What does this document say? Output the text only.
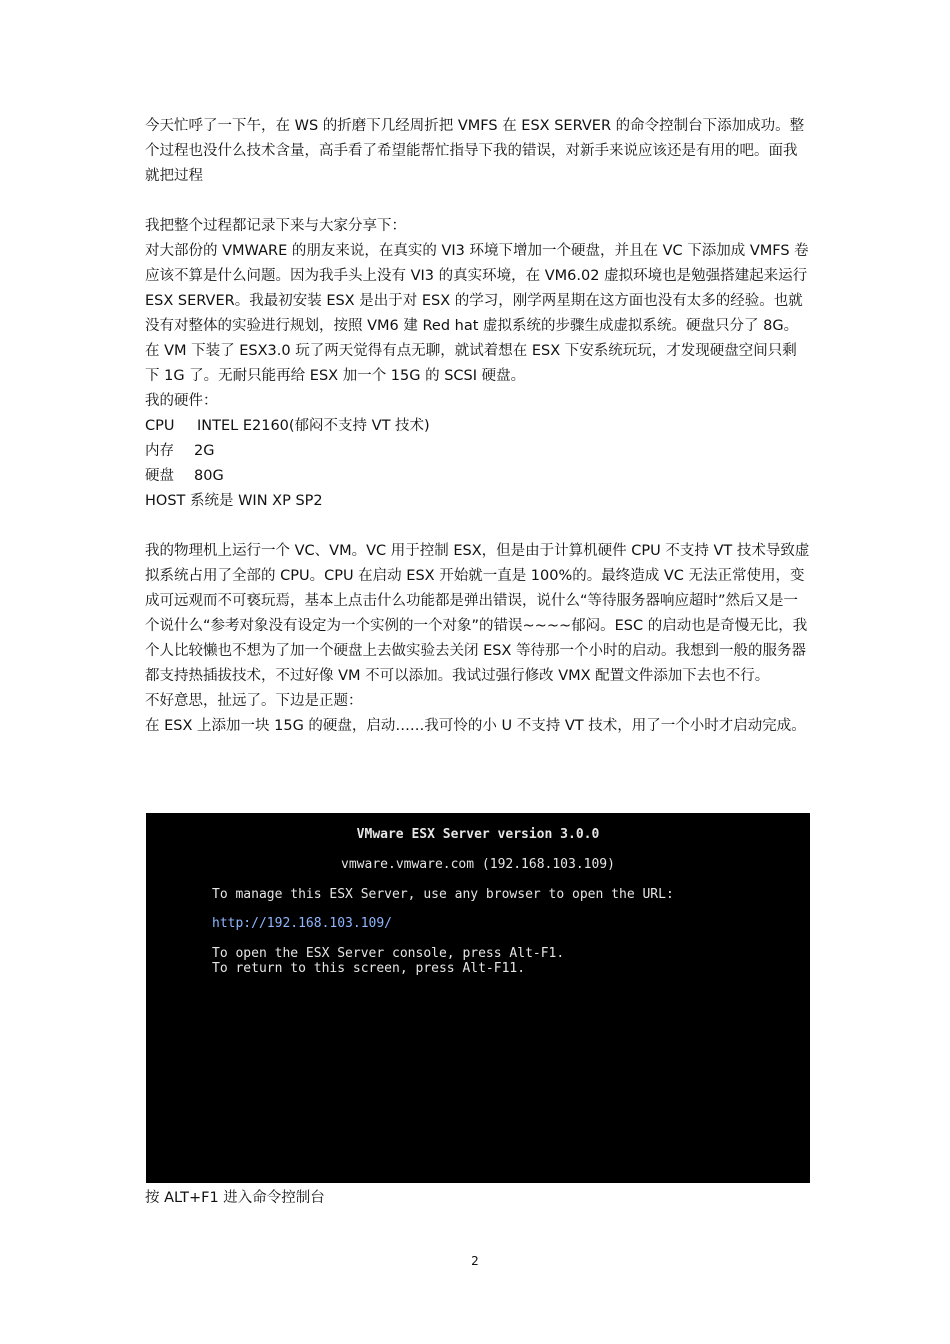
今天忙呼了一下午，在 WS 的折磨下几经周折把 VMFS 在 ESX SERVER 的命令控制台下添加成功。整个过程也没什么技术含量，高手看了希望能帮忙指导下我的错误，对新手来说应该还是有用的吧。面我就把过程

我把整个过程都记录下来与大家分享下：

对大部份的 VMWARE 的朋友来说，在真实的 VI3 环境下增加一个硬盘，并且在 VC 下添加成 VMFS 卷应该不算是什么问题。因为我手头上没有 VI3 的真实环境，在 VM6.02 虚拟环境也是勉强搭建起来运行 ESX SERVER。我最初安装 ESX 是出于对 ESX 的学习，刚学两星期在这方面也没有太多的经验。也就没有对整体的实验进行规划，按照 VM6 建 Red hat 虚拟系统的步骤生成虚拟系统。硬盘只分了 8G。在 VM 下装了 ESX3.0 玩了两天觉得有点无聊，就试着想在 ESX 下安系统玩玩，才发现硬盘空间只剩下 1G 了。无耐只能再给 ESX 加一个 15G 的 SCSI 硬盘。

我的硬件：

CPU	INTEL E2160(郁闷不支持 VT 技术)
内存	2G
硬盘	80G
HOST 系统是 WIN XP SP2

我的物理机上运行一个 VC、VM。VC 用于控制 ESX，但是由于计算机硬件 CPU 不支持 VT 技术导致虚拟系统占用了全部的 CPU。CPU 在启动 ESX 开始就一直是 100%的。最终造成 VC 无法正常使用，变成可远观而不可亵玩焉，基本上点击什么功能都是弹出错误，说什么“等待服务器响应超时”然后又是一个说什么“参考对象没有设定为一个实例的一个对象”的错误~~~~郁闷。ESC 的启动也是奇慢无比，我个人比较懒也不想为了加一个硬盘上去做实验去关闭 ESX 等待那一个小时的启动。我想到一般的服务器都支持热插拔技术，不过好像 VM 不可以添加。我试过强行修改 VMX 配置文件添加下去也不行。

不好意思，扯远了。下边是正题：

在 ESX 上添加一块 15G 的硬盘，启动……我可怜的小 U 不支持 VT 技术，用了一个小时才启动完成。

VMware ESX Server version 3.0.0
vmware.vmware.com (192.168.103.109)
To manage this ESX Server, use any browser to open the URL:
http://192.168.103.109/
To open the ESX Server console, press Alt-F1.
To return to this screen, press Alt-F11.
按 ALT+F1 进入命令控制台
2
